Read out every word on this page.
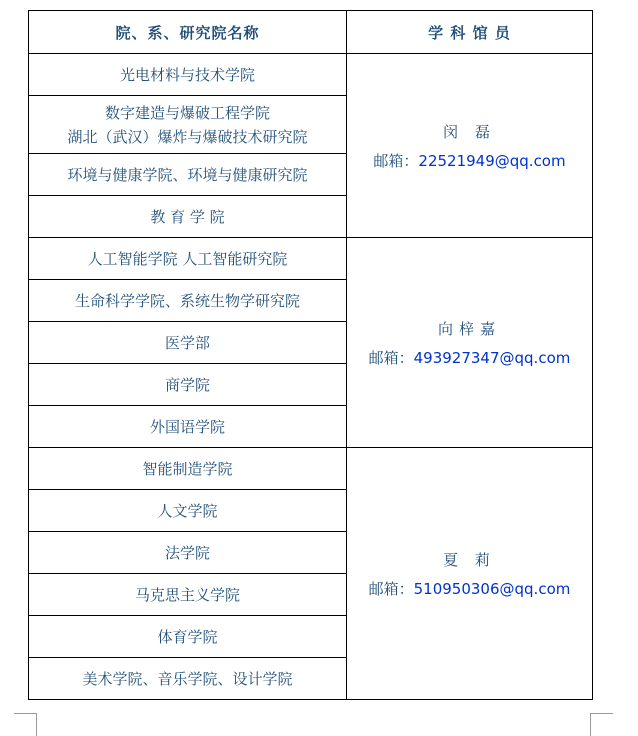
院、系、研究院名称	学 科 馆 员
光电材料与技术学院	闵 磊
邮箱：22521949@qq.com

数字建造与爆破工程学院
湖北（武汉）爆炸与爆破技术研究院	

环境与健康学院、环境与健康研究院	
教 育 学 院	
人工智能学院 人工智能研究院	向梓嘉
邮箱：493927347@qq.com

生命科学学院、系统生物学研究院	
医学部	
商学院	
外国语学院	
智能制造学院	夏 莉
邮箱：510950306@qq.com

人文学院	
法学院	
马克思主义学院	
体育学院	
美术学院、音乐学院、设计学院	
